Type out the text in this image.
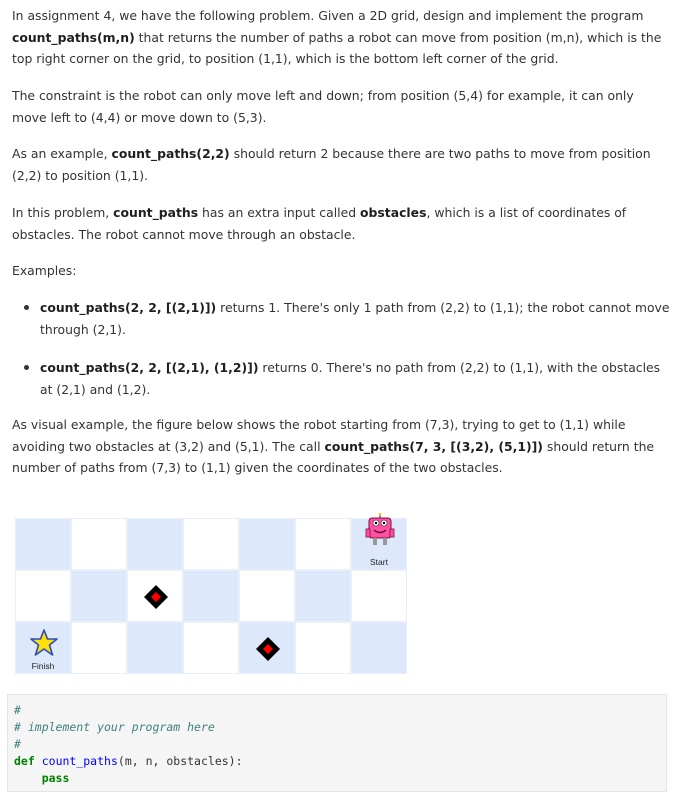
In assignment 4, we have the following problem. Given a 2D grid, design and implement the program count_paths(m,n) that returns the number of paths a robot can move from position (m,n), which is the top right corner on the grid, to position (1,1), which is the bottom left corner of the grid.

The constraint is the robot can only move left and down; from position (5,4) for example, it can only move left to (4,4) or move down to (5,3).

As an example, count_paths(2,2) should return 2 because there are two paths to move from position (2,2) to position (1,1).

In this problem, count_paths has an extra input called obstacles, which is a list of coordinates of obstacles. The robot cannot move through an obstacle.

Examples:

count_paths(2, 2, [(2,1)]) returns 1. There's only 1 path from (2,2) to (1,1); the robot cannot move through (2,1).
count_paths(2, 2, [(2,1), (1,2)]) returns 0. There's no path from (2,2) to (1,1), with the obstacles at (2,1) and (1,2).

As visual example, the figure below shows the robot starting from (7,3), trying to get to (1,1) while avoiding two obstacles at (3,2) and (5,1). The call count_paths(7, 3, [(3,2), (5,1)]) should return the number of paths from (7,3) to (1,1) given the coordinates of the two obstacles.

Start
Finish
#
# implement your program here
#
def count_paths(m, n, obstacles):
pass
